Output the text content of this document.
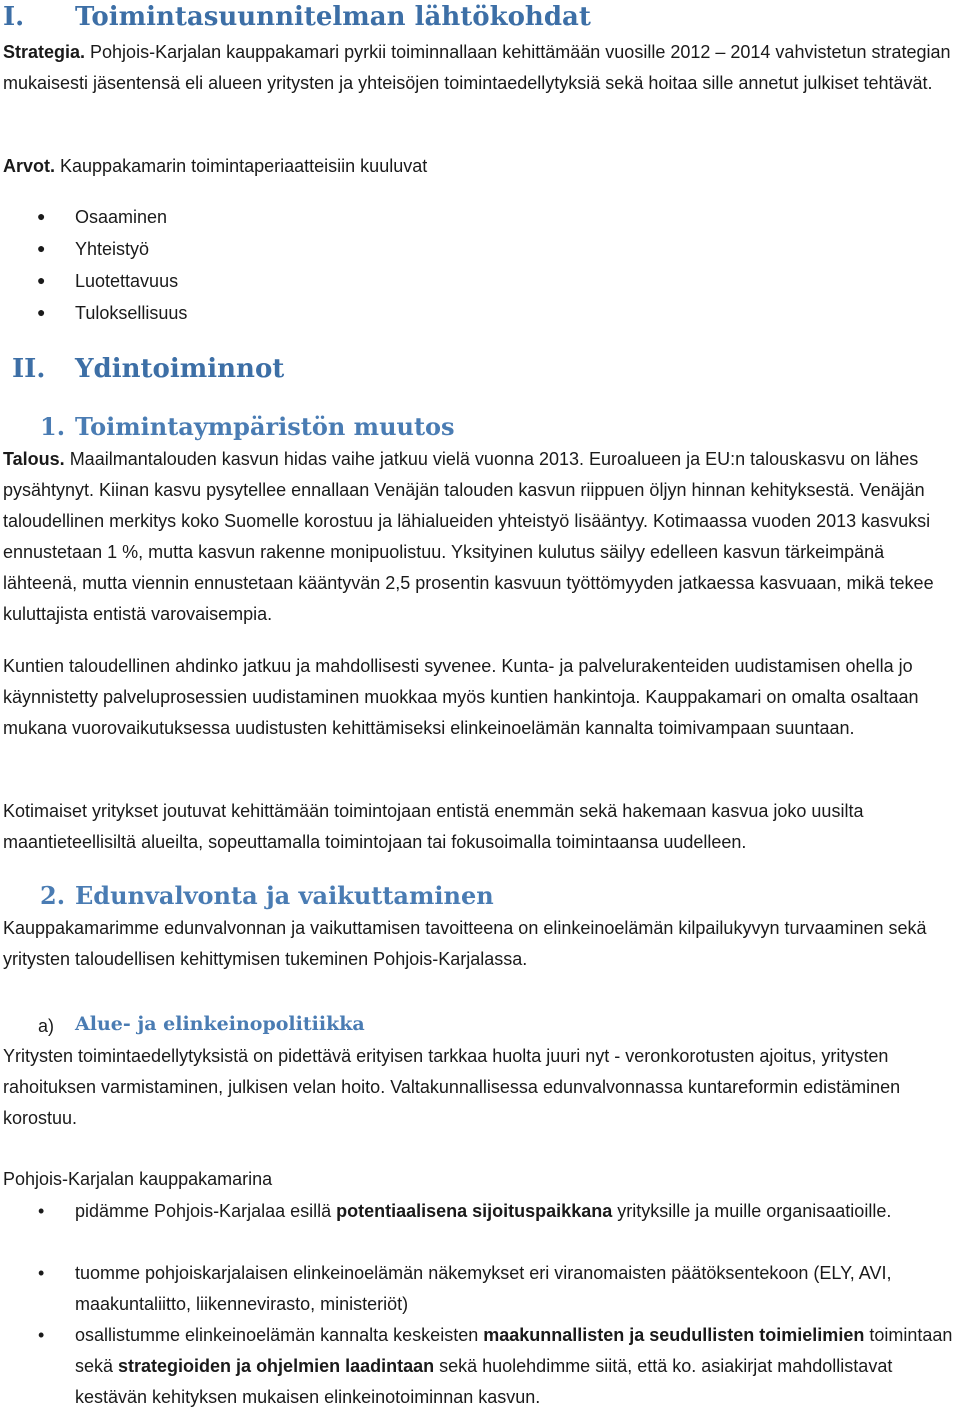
I. Toimintasuunnitelman lähtökohdat
Strategia. Pohjois-Karjalan kauppakamari pyrkii toiminnallaan kehittämään vuosille 2012 – 2014 vahvistetun strategian mukaisesti jäsentensä eli alueen yritysten ja yhteisöjen toimintaedellytyksiä sekä hoitaa sille annetut julkiset tehtävät.
Arvot. Kauppakamarin toimintaperiaatteisiin kuuluvat
● Osaaminen
● Yhteistyö
● Luotettavuus
● Tuloksellisuus
II. Ydintoiminnot
1. Toimintaympäristön muutos
Talous. Maailmantalouden kasvun hidas vaihe jatkuu vielä vuonna 2013. Euroalueen ja EU:n talouskasvu on lähes pysähtynyt. Kiinan kasvu pysytellee ennallaan Venäjän talouden kasvun riippuen öljyn hinnan kehityksestä. Venäjän taloudellinen merkitys koko Suomelle korostuu ja lähialueiden yhteistyö lisääntyy. Kotimaassa vuoden 2013 kasvuksi ennustetaan 1 %, mutta kasvun rakenne monipuolistuu. Yksityinen kulutus säilyy edelleen kasvun tärkeimpänä lähteenä, mutta viennin ennustetaan kääntyvän 2,5 prosentin kasvuun työttömyyden jatkaessa kasvuaan, mikä tekee kuluttajista entistä varovaisempia.
Kuntien taloudellinen ahdinko jatkuu ja mahdollisesti syvenee. Kunta- ja palvelurakenteiden uudistamisen ohella jo käynnistetty palveluprosessien uudistaminen muokkaa myös kuntien hankintoja. Kauppakamari on omalta osaltaan mukana vuorovaikutuksessa uudistusten kehittämiseksi elinkeinoelämän kannalta toimivampaan suuntaan.
Kotimaiset yritykset joutuvat kehittämään toimintojaan entistä enemmän sekä hakemaan kasvua joko uusilta maantieteellisiltä alueilta, sopeuttamalla toimintojaan tai fokusoimalla toimintaansa uudelleen.
2. Edunvalvonta ja vaikuttaminen
Kauppakamarimme edunvalvonnan ja vaikuttamisen tavoitteena on elinkeinoelämän kilpailukyvyn turvaaminen sekä yritysten taloudellisen kehittymisen tukeminen Pohjois-Karjalassa.
a) Alue- ja elinkeinopolitiikka
Yritysten toimintaedellytyksistä on pidettävä erityisen tarkkaa huolta juuri nyt - veronkorotusten ajoitus, yritysten rahoituksen varmistaminen, julkisen velan hoito. Valtakunnallisessa edunvalvonnassa kuntareformin edistäminen korostuu.
Pohjois-Karjalan kauppakamarina
• pidämme Pohjois-Karjalaa esillä potentiaalisena sijoituspaikkana yrityksille ja muille organisaatioille.
• tuomme pohjoiskarjalaisen elinkeinoelämän näkemykset eri viranomaisten päätöksentekoon (ELY, AVI, maakuntaliitto, liikennevirasto, ministeriöt)
• osallistumme elinkeinoelämän kannalta keskeisten maakunnallisten ja seudullisten toimielimien toimintaan sekä strategioiden ja ohjelmien laadintaan sekä huolehdimme siitä, että ko. asiakirjat mahdollistavat kestävän kehityksen mukaisen elinkeinotoiminnan kasvun.
